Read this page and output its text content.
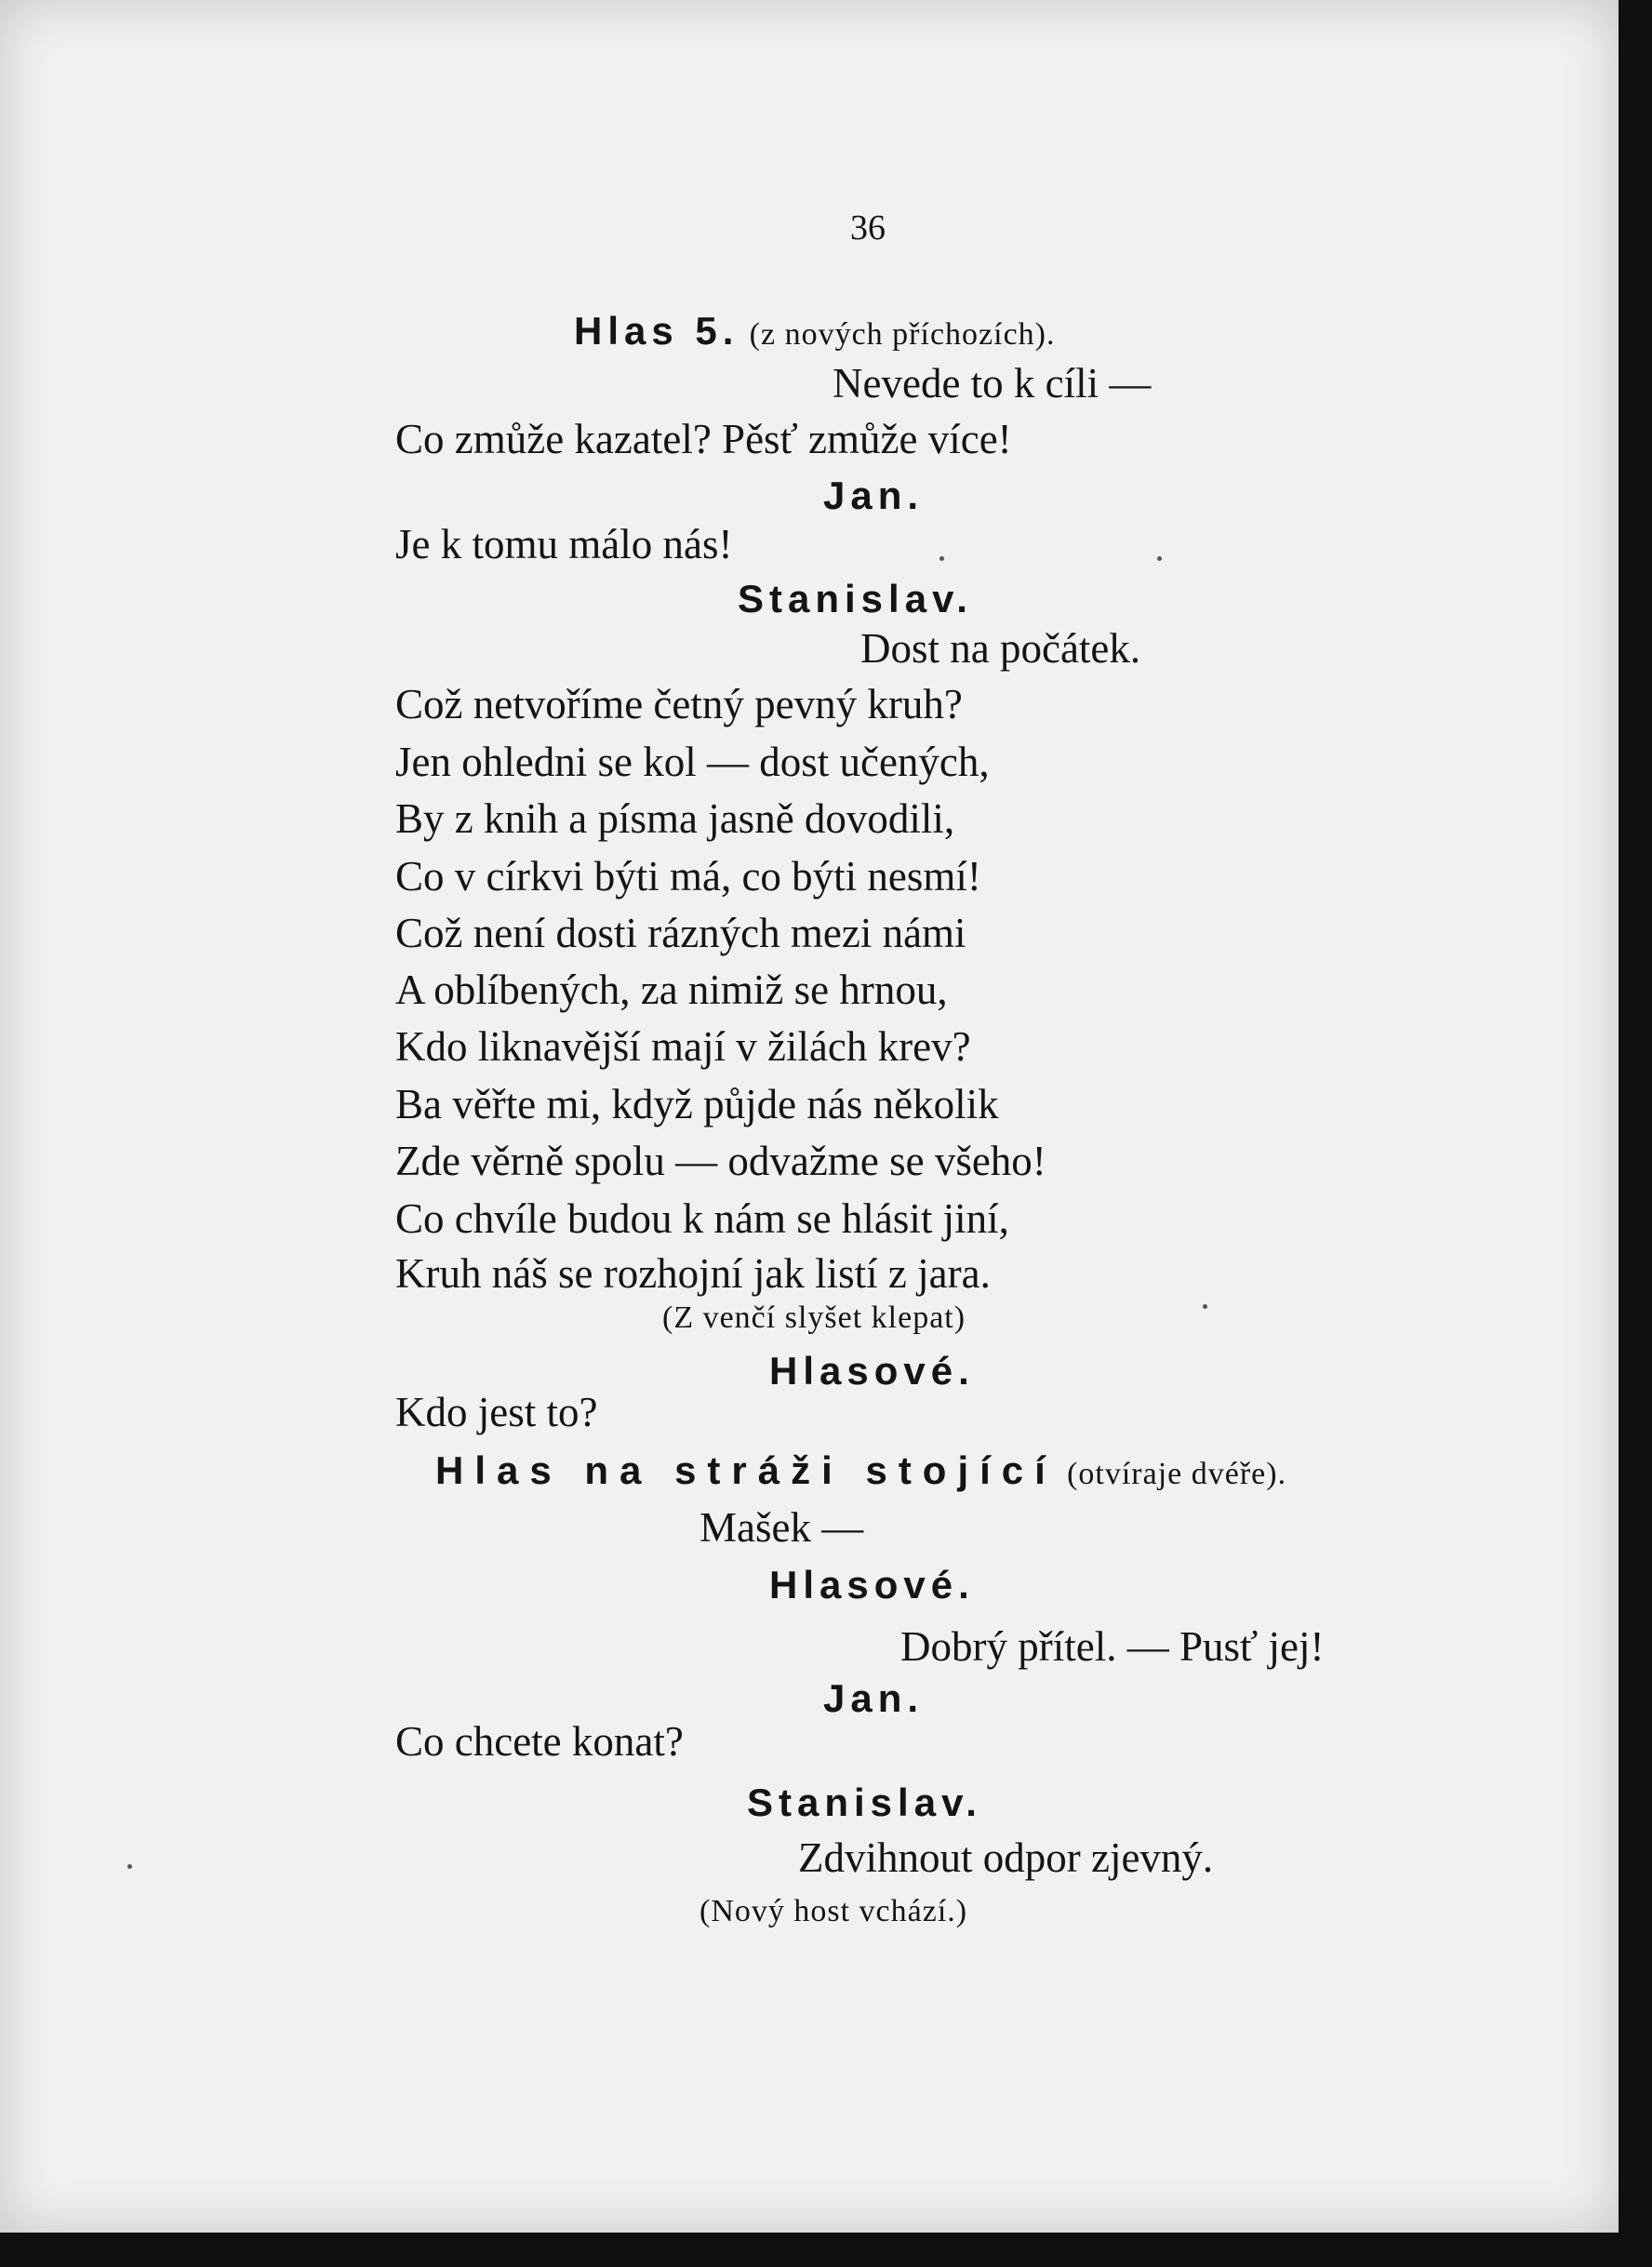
36
Hlas 5. (z nových příchozích).
Nevede to k cíli —
Co zmůže kazatel? Pěsť zmůže více!
Jan.
Je k tomu málo nás!
Stanislav.
Dost na počátek.
Což netvoříme četný pevný kruh?
Jen ohledni se kol — dost učených,
By z knih a písma jasně dovodili,
Co v církvi býti má, co býti nesmí!
Což není dosti rázných mezi námi
A oblíbených, za nimiž se hrnou,
Kdo liknavější mají v žilách krev?
Ba věřte mi, když půjde nás několik
Zde věrně spolu — odvažme se všeho!
Co chvíle budou k nám se hlásit jiní,
Kruh náš se rozhojní jak listí z jara.
(Z venčí slyšet klepat)
Hlasové.
Kdo jest to?
Hlas na stráži stojící (otvíraje dvéře).
Mašek —
Hlasové.
Dobrý přítel. — Pusť jej!
Jan.
Co chcete konat?
Stanislav.
Zdvihnout odpor zjevný.
(Nový host vchází.)
